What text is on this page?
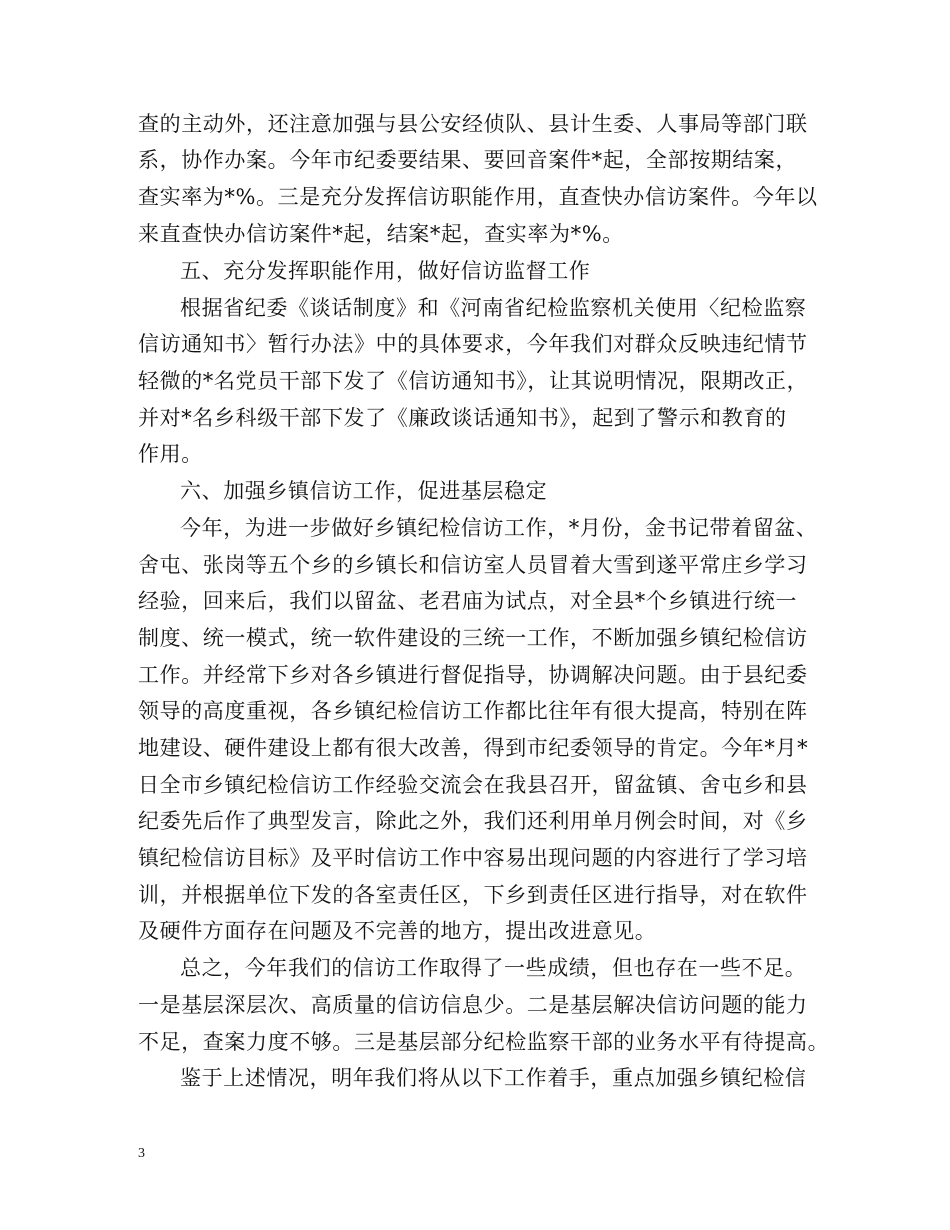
查的主动外，还注意加强与县公安经侦队、县计生委、人事局等部门联
系，协作办案。今年市纪委要结果、要回音案件*起，全部按期结案，
查实率为*%。三是充分发挥信访职能作用，直查快办信访案件。今年以
来直查快办信访案件*起，结案*起，查实率为*%。
五、充分发挥职能作用，做好信访监督工作
根据省纪委《谈话制度》和《河南省纪检监察机关使用〈纪检监察
信访通知书〉暂行办法》中的具体要求，今年我们对群众反映违纪情节
轻微的*名党员干部下发了《信访通知书》，让其说明情况，限期改正，
并对*名乡科级干部下发了《廉政谈话通知书》，起到了警示和教育的
作用。
六、加强乡镇信访工作，促进基层稳定
今年，为进一步做好乡镇纪检信访工作，*月份，金书记带着留盆、
舍屯、张岗等五个乡的乡镇长和信访室人员冒着大雪到遂平常庄乡学习
经验，回来后，我们以留盆、老君庙为试点，对全县*个乡镇进行统一
制度、统一模式，统一软件建设的三统一工作，不断加强乡镇纪检信访
工作。并经常下乡对各乡镇进行督促指导，协调解决问题。由于县纪委
领导的高度重视，各乡镇纪检信访工作都比往年有很大提高，特别在阵
地建设、硬件建设上都有很大改善，得到市纪委领导的肯定。今年*月*
日全市乡镇纪检信访工作经验交流会在我县召开，留盆镇、舍屯乡和县
纪委先后作了典型发言，除此之外，我们还利用单月例会时间，对《乡
镇纪检信访目标》及平时信访工作中容易出现问题的内容进行了学习培
训，并根据单位下发的各室责任区，下乡到责任区进行指导，对在软件
及硬件方面存在问题及不完善的地方，提出改进意见。
总之，今年我们的信访工作取得了一些成绩，但也存在一些不足。
一是基层深层次、高质量的信访信息少。二是基层解决信访问题的能力
不足，查案力度不够。三是基层部分纪检监察干部的业务水平有待提高。
鉴于上述情况，明年我们将从以下工作着手，重点加强乡镇纪检信
3
